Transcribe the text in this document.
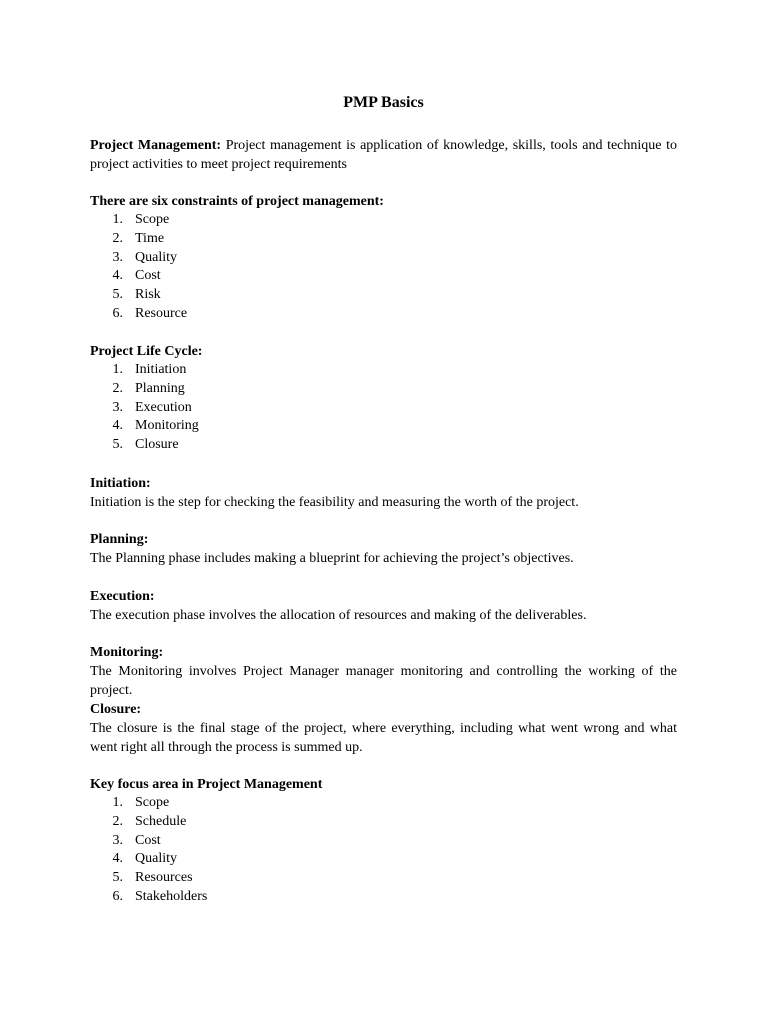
PMP Basics
Project Management: Project management is application of knowledge, skills, tools and technique to project activities to meet project requirements
There are six constraints of project management:
1. Scope
2. Time
3. Quality
4. Cost
5. Risk
6. Resource
Project Life Cycle:
1. Initiation
2. Planning
3. Execution
4. Monitoring
5. Closure
Initiation:
Initiation is the step for checking the feasibility and measuring the worth of the project.
Planning:
The Planning phase includes making a blueprint for achieving the project’s objectives.
Execution:
The execution phase involves the allocation of resources and making of the deliverables.
Monitoring:
The Monitoring involves Project Manager manager monitoring and controlling the working of the project.
Closure:
The closure is the final stage of the project, where everything, including what went wrong and what went right all through the process is summed up.
Key focus area in Project Management
1. Scope
2. Schedule
3. Cost
4. Quality
5. Resources
6. Stakeholders
